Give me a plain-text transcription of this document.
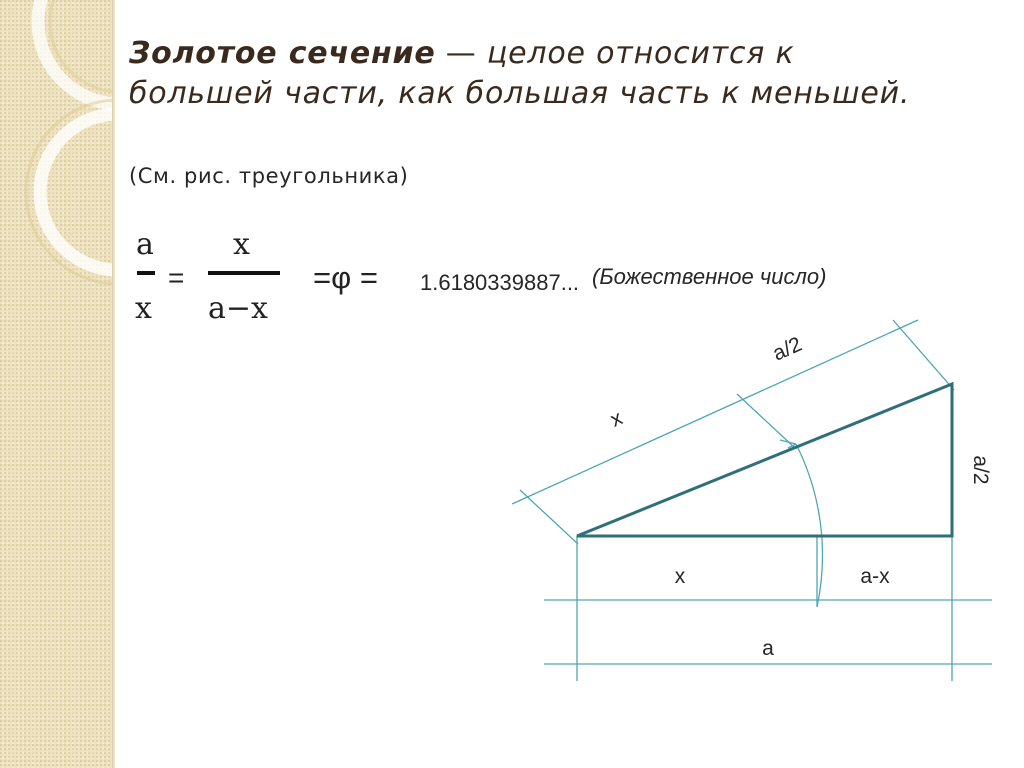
Золотое сечение — целое относится к большей части, как большая часть к меньшей.

(См. рис. треугольника)

a
x
=
x
a−x
=φ = 1.6180339887... (Божественное число)
a/2
x
a/2
x	a-x
a
